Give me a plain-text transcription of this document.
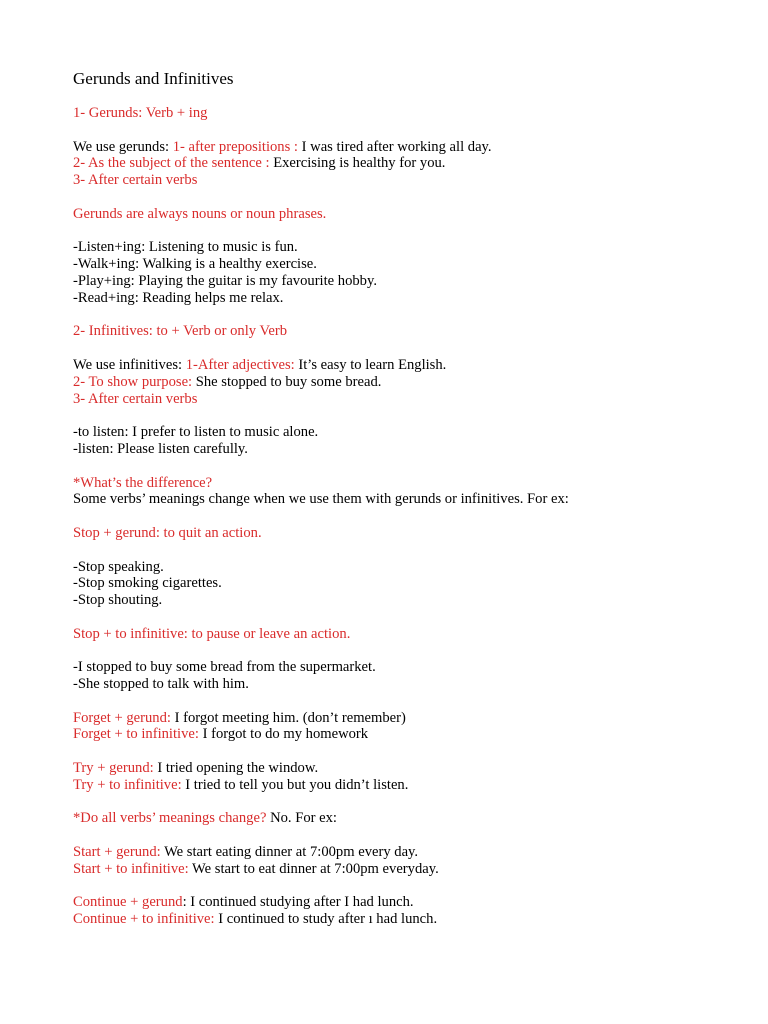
Gerunds and Infinitives
1- Gerunds: Verb + ing
We use gerunds: 1- after prepositions : I was tired after working all day.
2- As the subject of the sentence : Exercising is healthy for you.
3- After certain verbs
Gerunds are always nouns or noun phrases.
-Listen+ing: Listening to music is fun.
-Walk+ing: Walking is a healthy exercise.
-Play+ing: Playing the guitar is my favourite hobby.
-Read+ing: Reading helps me relax.
2- Infinitives: to + Verb or only Verb
We use infinitives: 1-After adjectives: It’s easy to learn English.
2- To show purpose: She stopped to buy some bread.
3- After certain verbs
-to listen: I prefer to listen to music alone.
-listen: Please listen carefully.
*What’s the difference?
Some verbs’ meanings change when we use them with gerunds or infinitives. For ex:
Stop + gerund: to quit an action.
-Stop speaking.
-Stop smoking cigarettes.
-Stop shouting.
Stop + to infinitive: to pause or leave an action.
-I stopped to buy some bread from the supermarket.
-She stopped to talk with him.
Forget + gerund: I forgot meeting him. (don’t remember)
Forget + to infinitive: I forgot to do my homework
Try + gerund: I tried opening the window.
Try + to infinitive: I tried to tell you but you didn’t listen.
*Do all verbs’ meanings change? No. For ex:
Start + gerund: We start eating dinner at 7:00pm every day.
Start + to infinitive: We start to eat dinner at 7:00pm everyday.
Continue + gerund: I continued studying after I had lunch.
Continue + to infinitive: I continued to study after ı had lunch.
